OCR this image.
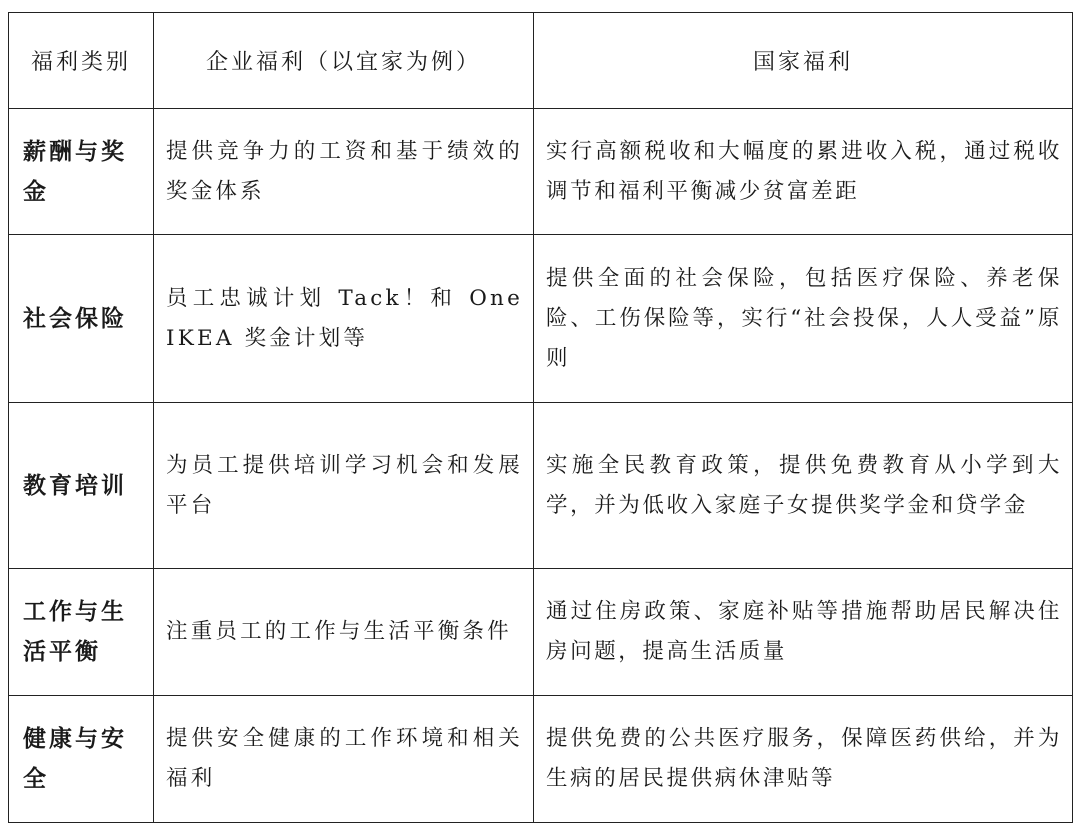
福利类别	企业福利（以宜家为例）	国家福利
薪酬与奖金	提供竞争力的工资和基于绩效的奖金体系	实行高额税收和大幅度的累进收入税，通过税收调节和福利平衡减少贫富差距
社会保险	员工忠诚计划 Tack！和 One IKEA 奖金计划等	提供全面的社会保险，包括医疗保险、养老保险、工伤保险等，实行“社会投保，人人受益”原则
教育培训	为员工提供培训学习机会和发展平台	实施全民教育政策，提供免费教育从小学到大学，并为低收入家庭子女提供奖学金和贷学金
工作与生活平衡	注重员工的工作与生活平衡条件	通过住房政策、家庭补贴等措施帮助居民解决住房问题，提高生活质量
健康与安全	提供安全健康的工作环境和相关福利	提供免费的公共医疗服务，保障医药供给，并为生病的居民提供病休津贴等
